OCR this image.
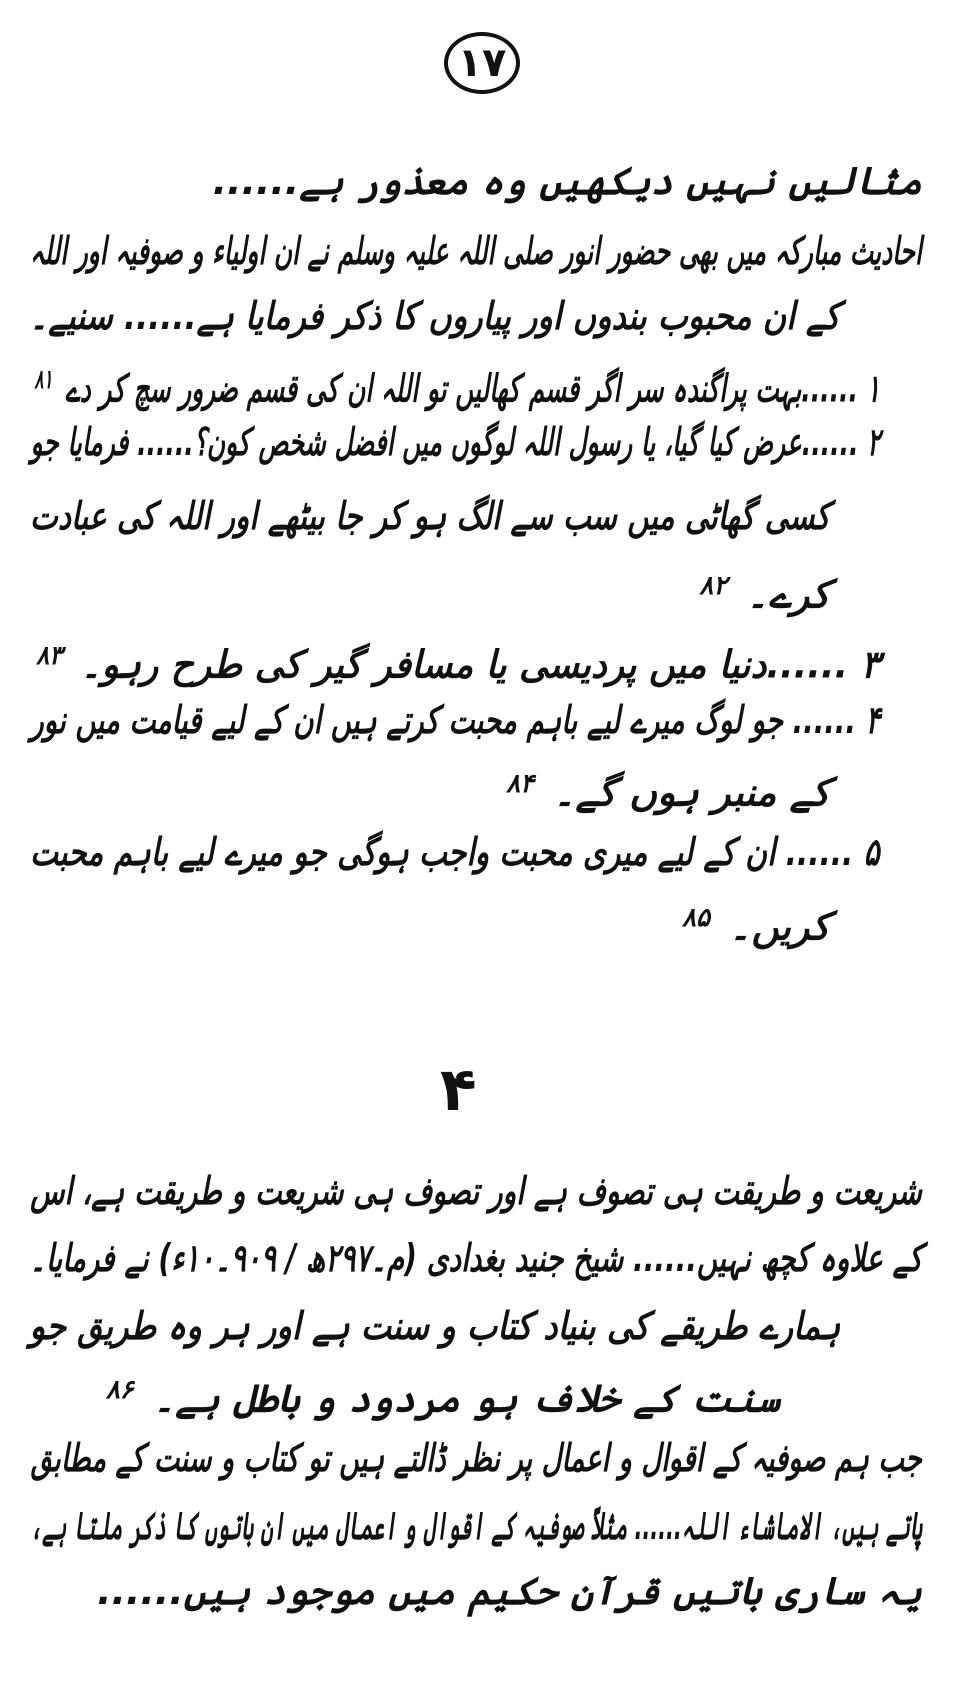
۱۷
مثالیں نہیں دیکھیں وہ معذور ہے......
احادیث مبارکہ میں بھی حضور انور صلی اللہ علیہ وسلم نے ان اولیاء و صوفیہ اور اللہ
کے ان محبوب بندوں اور پیاروں کا ذکر فرمایا ہے...... سنیے۔
۱ ......بہت پراگندہ سر اگر قسم کھالیں تو اللہ ان کی قسم ضرور سچ کر دے $^{۸۱}$
۲ ......عرض کیا گیا، یا رسول اللہ لوگوں میں افضل شخص کون؟...... فرمایا جو
کسی گھاٹی میں سب سے الگ ہو کر جا بیٹھے اور اللہ کی عبادت
کرے۔ $^{۸۲}$
۳ ......دنیا میں پردیسی یا مسافر گیر کی طرح رہو۔ $^{۸۳}$
۴ ...... جو لوگ میرے لیے باہم محبت کرتے ہیں ان کے لیے قیامت میں نور
کے منبر ہوں گے۔ $^{۸۴}$
۵ ...... ان کے لیے میری محبت واجب ہوگی جو میرے لیے باہم محبت
کریں۔ $^{۸۵}$
۴
شریعت و طریقت ہی تصوف ہے اور تصوف ہی شریعت و طریقت ہے، اس
کے علاوہ کچھ نہیں...... شیخ جنید بغدادی (م۔۲۹۷ھ / ۹۰۹۔۱۰ء) نے فرمایا۔
ہمارے طریقے کی بنیاد کتاب و سنت ہے اور ہر وہ طریق جو
سنت کے خلاف ہو مردود و باطل ہے۔ $^{۸۶}$
جب ہم صوفیہ کے اقوال و اعمال پر نظر ڈالتے ہیں تو کتاب و سنت کے مطابق
پاتے ہیں، الاماشاء اللہ...... مثلاً صوفیہ کے اقوال و اعمال میں ان باتوں کا ذکر ملتا ہے،
یہ ساری باتیں قرآن حکیم میں موجود ہیں......
